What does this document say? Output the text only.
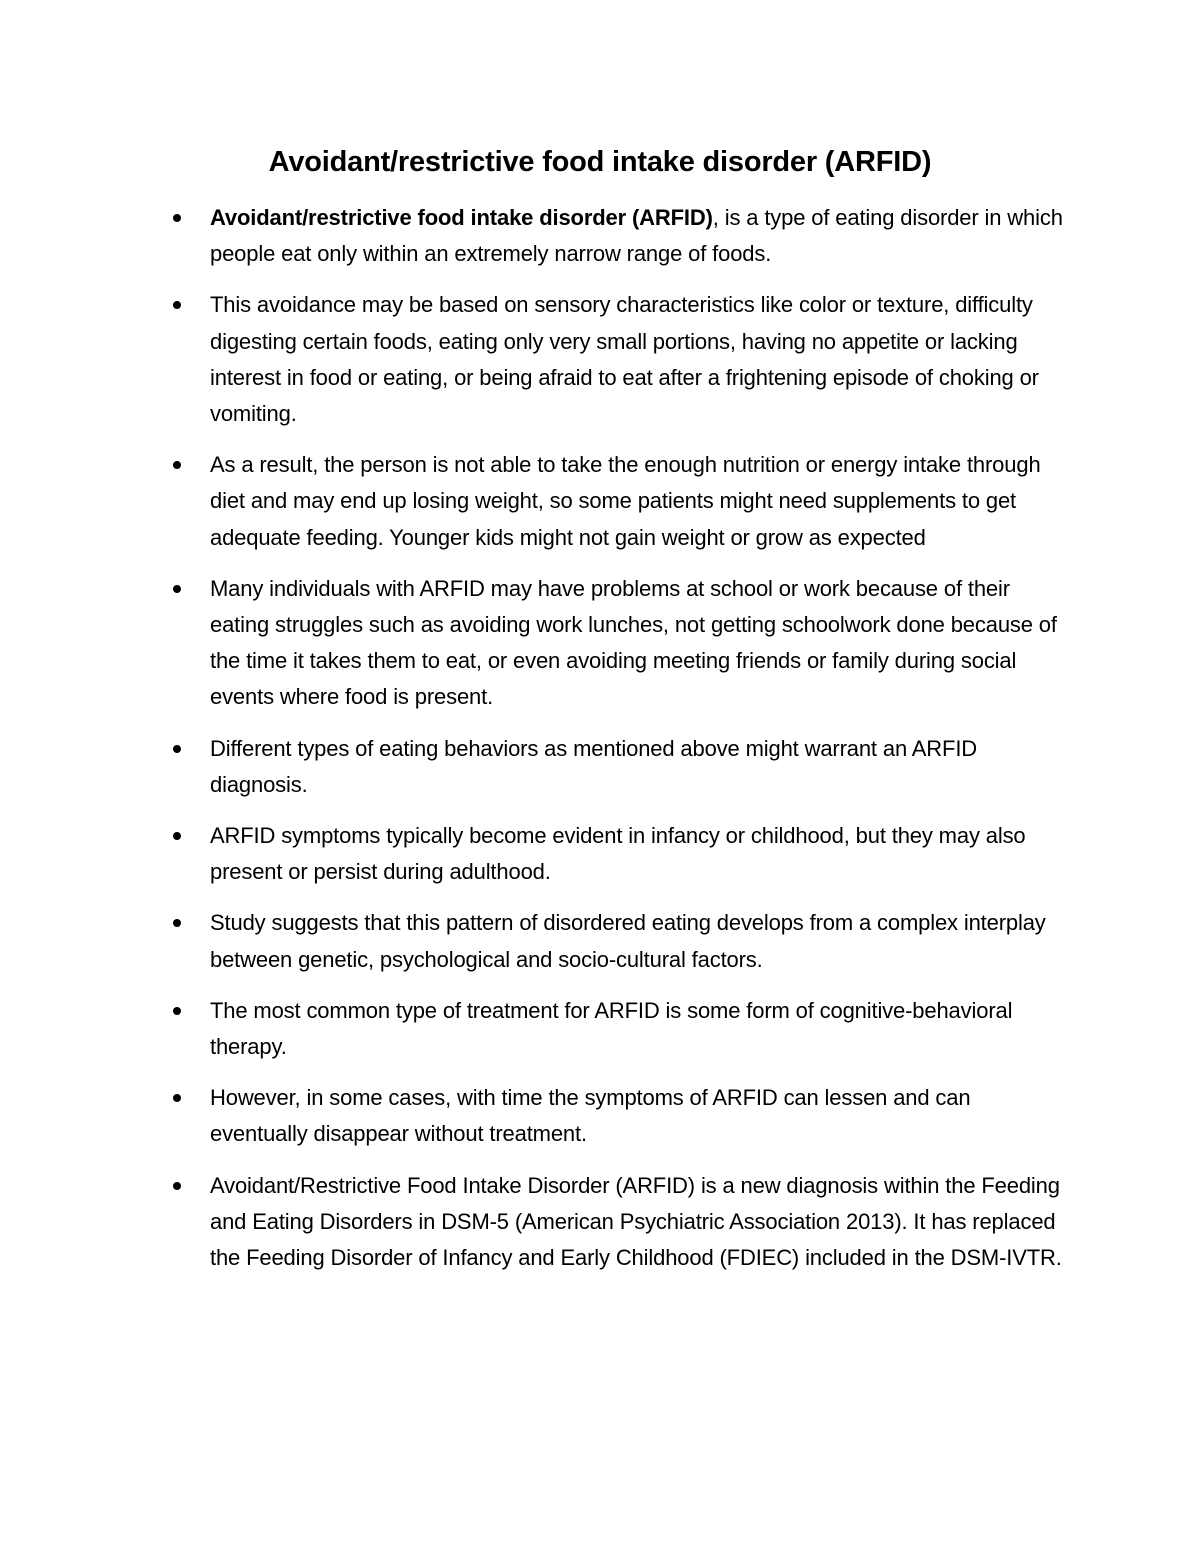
Avoidant/restrictive food intake disorder (ARFID)
Avoidant/restrictive food intake disorder (ARFID), is a type of eating disorder in which people eat only within an extremely narrow range of foods.
This avoidance may be based on sensory characteristics like color or texture, difficulty digesting certain foods, eating only very small portions, having no appetite or lacking interest in food or eating, or being afraid to eat after a frightening episode of choking or vomiting.
As a result, the person is not able to take the enough nutrition or energy intake through diet and may end up losing weight, so some patients might need supplements to get adequate feeding. Younger kids might not gain weight or grow as expected
Many individuals with ARFID may have problems at school or work because of their eating struggles such as avoiding work lunches, not getting schoolwork done because of the time it takes them to eat, or even avoiding meeting friends or family during social events where food is present.
Different types of eating behaviors as mentioned above might warrant an ARFID diagnosis.
ARFID symptoms typically become evident in infancy or childhood, but they may also present or persist during adulthood.
Study suggests that this pattern of disordered eating develops from a complex interplay between genetic, psychological and socio-cultural factors.
The most common type of treatment for ARFID is some form of cognitive-behavioral therapy.
However, in some cases, with time the symptoms of ARFID can lessen and can eventually disappear without treatment.
Avoidant/Restrictive Food Intake Disorder (ARFID) is a new diagnosis within the Feeding and Eating Disorders in DSM-5 (American Psychiatric Association 2013). It has replaced the Feeding Disorder of Infancy and Early Childhood (FDIEC) included in the DSM-IVTR.
